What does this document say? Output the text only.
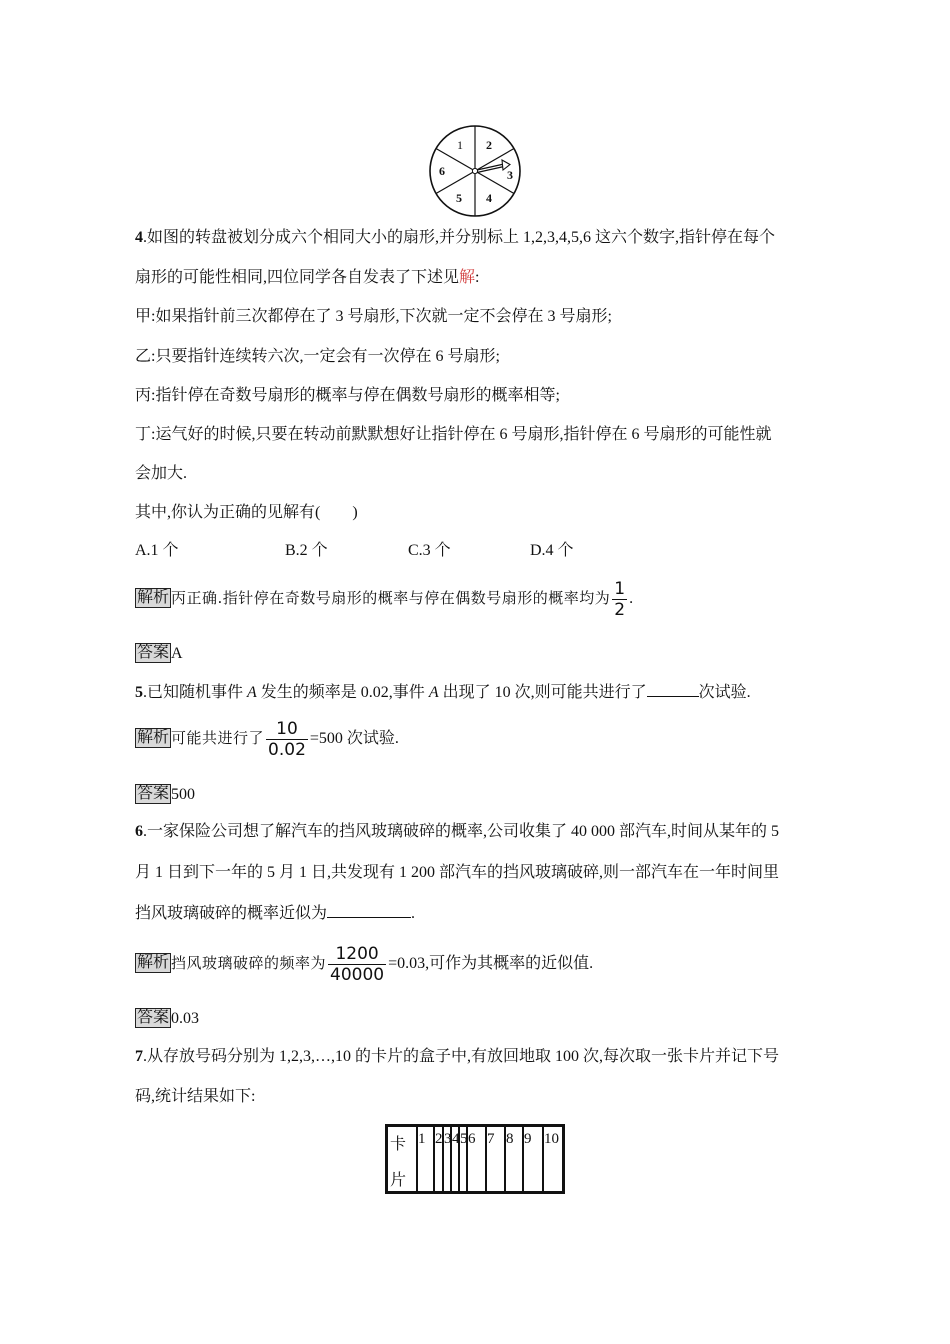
1 2
3
4
5
6
4.如图的转盘被划分成六个相同大小的扇形,并分别标上 1,2,3,4,5,6 这六个数字,指针停在每个
扇形的可能性相同,四位同学各自发表了下述见解:
甲:如果指针前三次都停在了 3 号扇形,下次就一定不会停在 3 号扇形;
乙:只要指针连续转六次,一定会有一次停在 6 号扇形;
丙:指针停在奇数号扇形的概率与停在偶数号扇形的概率相等;
丁:运气好的时候,只要在转动前默默想好让指针停在 6 号扇形,指针停在 6 号扇形的可能性就
会加大.
其中,你认为正确的见解有(　　)
A.1 个	B.2 个	C.3 个	D.4 个
解析 丙正确.指针停在奇数号扇形的概率与停在偶数号扇形的概率均为 $\frac{1}{2}$ .
答案 A
5.已知随机事件 A 发生的频率是 0.02,事件 A 出现了 10 次,则可能共进行了	次试验.
解析 可能共进行了 $\frac{10}{0.02} =500$ 次试验.
答案 500
6.一家保险公司想了解汽车的挡风玻璃破碎的概率,公司收集了 40 000 部汽车,时间从某年的 5
月 1 日到下一年的 5 月 1 日,共发现有 1 200 部汽车的挡风玻璃破碎,则一部汽车在一年时间里
挡风玻璃破碎的概率近似为	.
解析 挡风玻璃破碎的频率为 $\frac{1200}{40000} =0.03$,可作为其概率的近似值.
答案 0.03
7.从存放号码分别为 1,2,3,…,10 的卡片的盒子中,有放回地取 100 次,每次取一张卡片并记下号
码,统计结果如下:
卡
片
1 2 3 4 5 6 7 8 9 10
